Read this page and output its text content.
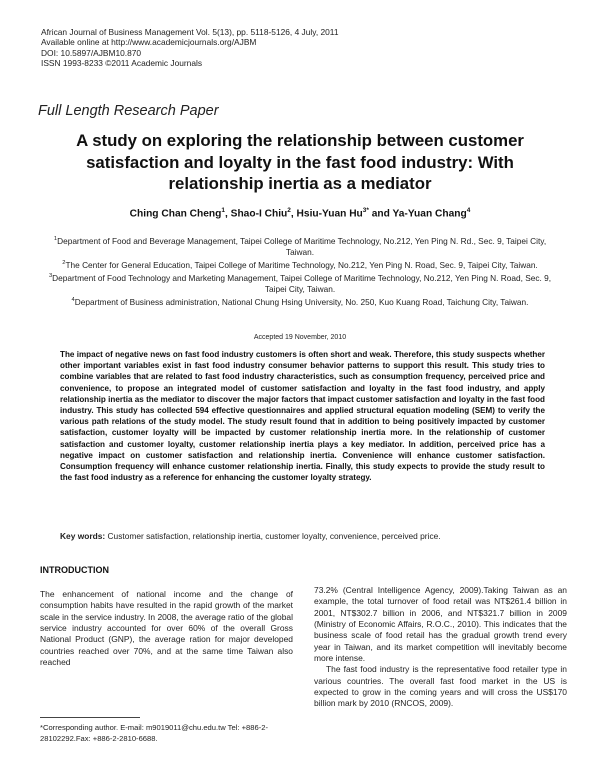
African Journal of Business Management Vol. 5(13), pp. 5118-5126, 4 July, 2011
Available online at http://www.academicjournals.org/AJBM
DOI: 10.5897/AJBM10.870
ISSN 1993-8233 ©2011 Academic Journals
Full Length Research Paper
A study on exploring the relationship between customer satisfaction and loyalty in the fast food industry: With relationship inertia as a mediator
Ching Chan Cheng$^1$, Shao-I Chiu$^2$, Hsiu-Yuan $Hu^{3*}$ and Ya-Yuan Chang$^4$
$^1$Department of Food and Beverage Management, Taipei College of Maritime Technology, No.212, Yen Ping N. Rd., Sec. 9, Taipei City, Taiwan.
$^2$The Center for General Education, Taipei College of Maritime Technology, No.212, Yen Ping N. Road, Sec. 9, Taipei City, Taiwan.
$^3$Department of Food Technology and Marketing Management, Taipei College of Maritime Technology, No.212, Yen Ping N. Road, Sec. 9, Taipei City, Taiwan.
$^4$Department of Business administration, National Chung Hsing University, No. 250, Kuo Kuang Road, Taichung City, Taiwan.
Accepted 19 November, 2010
The impact of negative news on fast food industry customers is often short and weak. Therefore, this study suspects whether other important variables exist in fast food industry consumer behavior patterns to support this result. This study tries to combine variables that are related to fast food industry characteristics, such as consumption frequency, perceived price and convenience, to propose an integrated model of customer satisfaction and loyalty in the fast food industry, and apply relationship inertia as the mediator to discover the major factors that impact customer satisfaction and loyalty in the fast food industry. This study has collected 594 effective questionnaires and applied structural equation modeling (SEM) to verify the various path relations of the study model. The study result found that in addition to being positively impacted by customer satisfaction, customer loyalty will be impacted by customer relationship inertia more. In the relationship of customer satisfaction and customer loyalty, customer relationship inertia plays a key mediator. In addition, perceived price has a negative impact on customer satisfaction and relationship inertia. Convenience will enhance customer satisfaction. Consumption frequency will enhance customer relationship inertia. Finally, this study expects to provide the study result to the fast food industry as a reference for enhancing the customer loyalty strategy.
Key words: Customer satisfaction, relationship inertia, customer loyalty, convenience, perceived price.
INTRODUCTION

The enhancement of national income and the change of consumption habits have resulted in the rapid growth of the market scale in the service industry. In 2008, the average ratio of the global service industry accounted for over 60% of the overall Gross National Product (GNP), the average ration for major developed countries reached over 70%, and at the same time Taiwan also reached

73.2% (Central Intelligence Agency, 2009).Taking Taiwan as an example, the total turnover of food retail was NT$261.4 billion in 2001, NT$302.7 billion in 2006, and NT$321.7 billion in 2009 (Ministry of Economic Affairs, R.O.C., 2010). This indicates that the business scale of food retail has the gradual growth trend every year in Taiwan, and its market competition will inevitably become more intense.

The fast food industry is the representative food retailer type in various countries. The overall fast food market in the US is expected to grow in the coming years and will cross the US$170 billion mark by 2010 (RNCOS, 2009).

*Corresponding author. E-mail: m9019011@chu.edu.tw Tel: +886-2-28102292.Fax: +886-2-2810-6688.
